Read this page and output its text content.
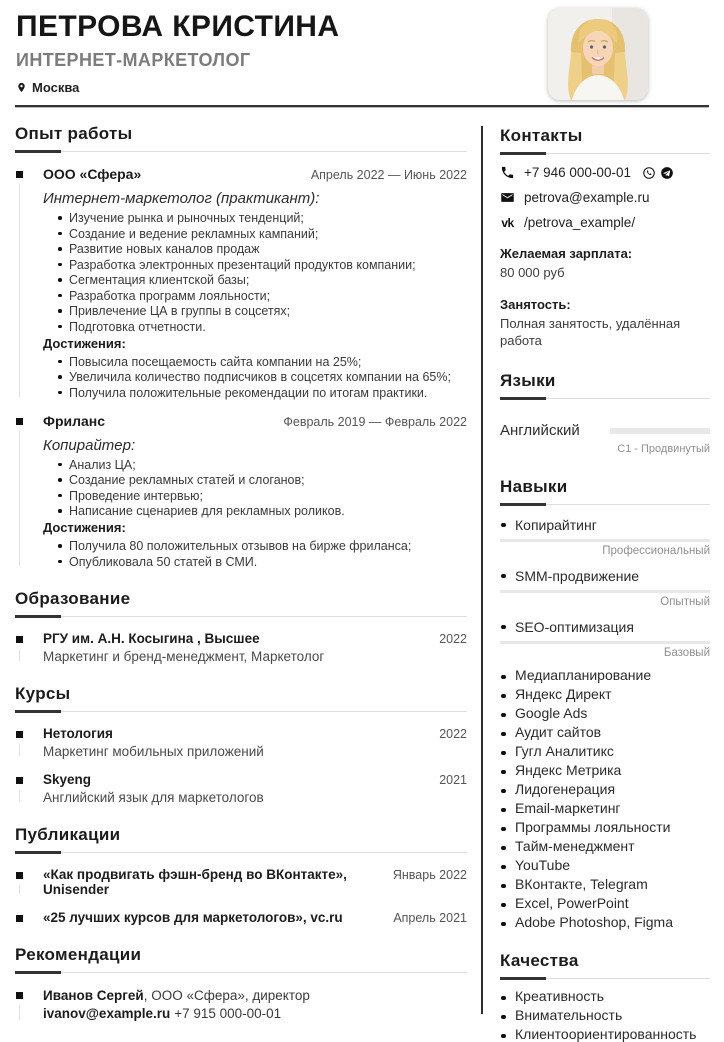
ПЕТРОВА КРИСТИНА
ИНТЕРНЕТ-МАРКЕТОЛОГ
Москва
Опыт работы
ООО «Сфера»	Апрель 2022 — Июнь 2022
Интернет-маркетолог (практикант):
Изучение рынка и рыночных тенденций;
Создание и ведение рекламных кампаний;
Развитие новых каналов продаж
Разработка электронных презентаций продуктов компании;
Сегментация клиентской базы;
Разработка программ лояльности;
Привлечение ЦА в группы в соцсетях;
Подготовка отчетности.
Достижения:
Повысила посещаемость сайта компании на 25%;
Увеличила количество подписчиков в соцсетях компании на 65%;
Получила положительные рекомендации по итогам практики.
Фриланс	Февраль 2019 — Февраль 2022
Копирайтер:
Анализ ЦА;
Создание рекламных статей и слоганов;
Проведение интервью;
Написание сценариев для рекламных роликов.
Достижения:
Получила 80 положительных отзывов на бирже фриланса;
Опубликовала 50 статей в СМИ.
Образование
РГУ им. А.Н. Косыгина , Высшее	2022
Маркетинг и бренд-менеджмент, Маркетолог
Курсы
Нетология	2022
Маркетинг мобильных приложений
Skyeng	2021
Английский язык для маркетологов
Публикации
«Как продвигать фэшн-бренд во ВКонтакте», Unisender
Январь 2022
«25 лучших курсов для маркетологов», vc.ru	Апрель 2021
Рекомендации
Иванов Сергей, ООО «Сфера», директор
ivanov@example.ru +7 915 000-00-01
Контакты
+7 946 000-00-01
petrova@example.ru
vk /petrova_example/
Желаемая зарплата:
80 000 руб
Занятость:
Полная занятость, удалённая работа
Языки
Английский
C1 - Продвинутый
Навыки
Копирайтинг
Профессиональный
SMM-продвижение
Опытный
SEO-оптимизация
Базовый
Медиапланирование
Яндекс Директ
Google Ads
Аудит сайтов
Гугл Аналитикс
Яндекс Метрика
Лидогенерация
Email-маркетинг
Программы лояльности
Тайм-менеджмент
YouTube
ВКонтакте, Telegram
Excel, PowerPoint
Adobe Photoshop, Figma
Качества
Креативность
Внимательность
Клиентоориентированность
